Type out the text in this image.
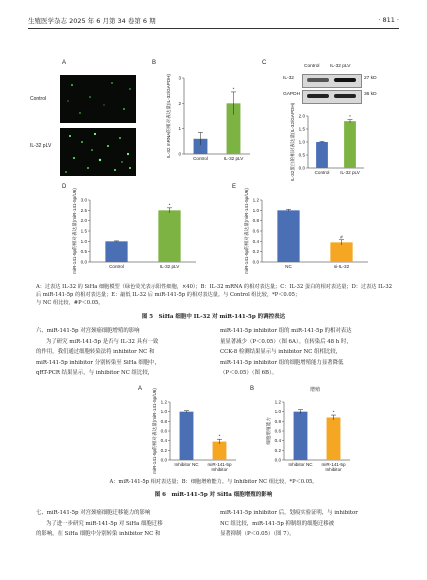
生殖医学杂志 2025 年 6 月第 34 卷第 6 期	· 811 ·
A	B	C
D	E
Control
IL-32 pLV
Control IL-32 pLV
IL-32
GAPDH
27 kD
36 kD
0
1
2
3
IL-32 mRNA的相对表达量(IL-32/GAPDH)
Control
*
IL-32 pLV
0.0
0.5
1.0
1.5
2.0
IL-32蛋白的相对表达量(IL-32/GAPDH)	Control
*
IL-32 pLV
0.0
0.5
1.0
1.5
2.0
2.5
3.0
miR-141-5p的相对表达量(miR-141-5p/U6)	Control
*
IL-32 pLV
0.0
0.2
0.4
0.6
0.8
1.0
1.2
miR-141-5p的相对表达量(miR-141-5p/U6)	NC
#
si-IL-32
A：过表达 IL-32 的 SiHa 细胞模型（绿色荧光表示阳性细胞，×40）；B：IL-32 mRNA 的相对表达量；C：IL-32 蛋白的相对表达量；D：过表达 IL-32 后 miR-141-5p 的相对表达量；E：敲低 IL-32 后 miR-141-5p 的相对表达量。与 Control 组比较，*P＜0.05；
与 NC 组比较，#P＜0.05。
图 5　SiHa 细胞中 IL-32 对 miR-141-5p 的调控表达
六、miR-141-5p 对宫颈癌细胞增殖的影响
为了研究 miR-141-5p 是否与 IL-32 具有一致
的作用，我们通过细胞转染法将 inhibitor NC 和
miR-141-5p inhibitor 分别转染至 SiHa 细胞中，
qRT-PCR 结果显示，与 inhibitor NC 组比较，
miR-141-5p inhibitor 组的 miR-141-5p 的相对表达
量显著减少（P＜0.05）（图 6A）。在转染后 48 h 时，
CCK-8 检测结果显示与 inhibitor NC 组相比较，
miR-141-5p inhibitor 组的细胞增殖能力显著降低
（P＜0.05）（图 6B）。
A	B	增殖
0.0
0.2
0.4
0.6
0.8
1.0
1.2
miR-141-5p的相对表达量(miR-141-5p/U6)	Inhibitor NC
*
miR-141-5p
Inhibitor
0.0
0.2
0.4
0.6
0.8
1.0
1.2
细胞增殖能力
Inhibitor NC
*
miR-141-5p
Inhibitor
A：miR-141-5p 相对表达量；B：细胞增殖能力。与 Inhibitor NC 组比较，*P＜0.05。
图 6　miR-141-5p 对 SiHa 细胞增殖的影响
七、miR-141-5p 对宫颈癌细胞迁移能力的影响
为了进一步研究 miR-141-5p 对 SiHa 细胞迁移
的影响，在 SiHa 细胞中分别转染 inhibitor NC 和
miR-141-5p inhibitor 后，划痕实验证明，与 inhibitor
NC 组比较，miR-141-5p 抑制组的细胞迁移被
显著抑制（P＜0.05）（图 7）。
